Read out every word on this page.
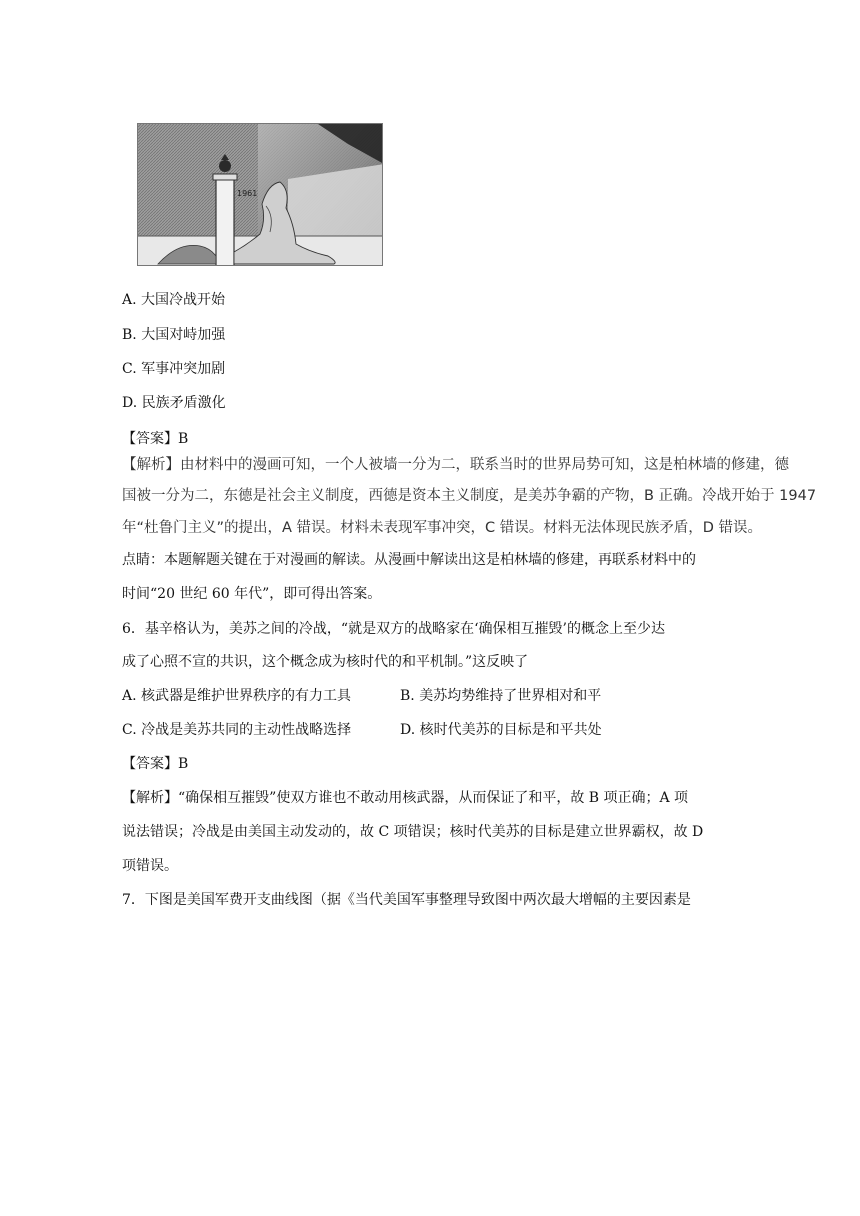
1961
A. 大国冷战开始
B. 大国对峙加强
C. 军事冲突加剧
D. 民族矛盾激化
【答案】B
【解析】由材料中的漫画可知，一个人被墙一分为二，联系当时的世界局势可知，这是柏林墙的修建，德
国被一分为二，东德是社会主义制度，西德是资本主义制度，是美苏争霸的产物，B 正确。冷战开始于 1947
年“杜鲁门主义”的提出，A 错误。材料未表现军事冲突，C 错误。材料无法体现民族矛盾，D 错误。
点睛：本题解题关键在于对漫画的解读。从漫画中解读出这是柏林墙的修建，再联系材料中的
时间“20 世纪 60 年代”，即可得出答案。
6．基辛格认为，美苏之间的冷战，“就是双方的战略家在‘确保相互摧毁’的概念上至少达
成了心照不宣的共识，这个概念成为核时代的和平机制。”这反映了
A. 核武器是维护世界秩序的有力工具	B. 美苏均势维持了世界相对和平
C. 冷战是美苏共同的主动性战略选择	D. 核时代美苏的目标是和平共处
【答案】B
【解析】“确保相互摧毁”使双方谁也不敢动用核武器，从而保证了和平，故 B 项正确；A 项
说法错误；冷战是由美国主动发动的，故 C 项错误；核时代美苏的目标是建立世界霸权，故 D
项错误。
7．下图是美国军费开支曲线图（据《当代美国军事整理导致图中两次最大增幅的主要因素是
